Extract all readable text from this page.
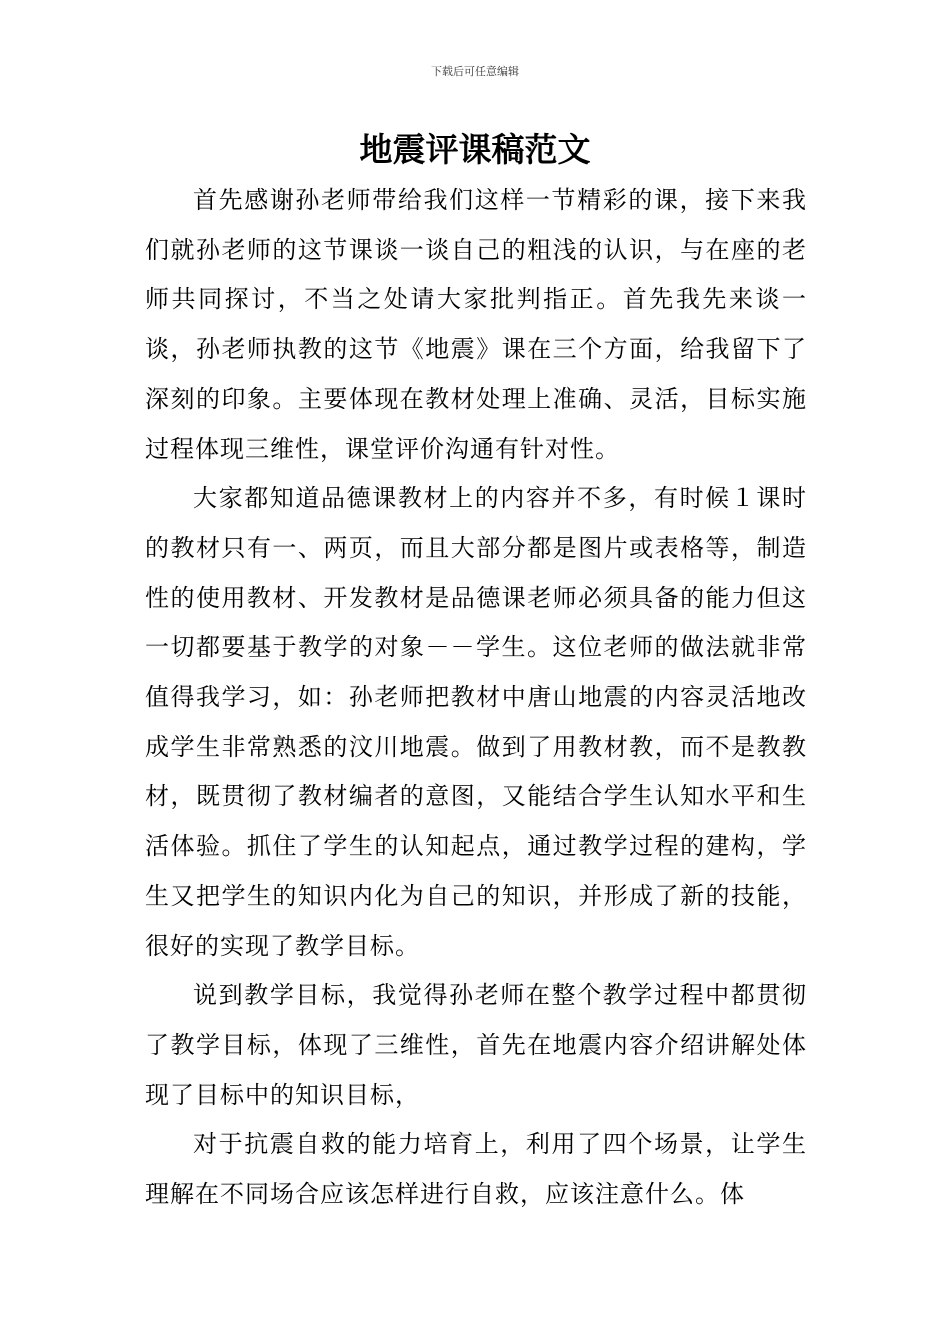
下载后可任意编辑
地震评课稿范文

首先感谢孙老师带给我们这样一节精彩的课，接下来我们就孙老师的这节课谈一谈自己的粗浅的认识，与在座的老师共同探讨，不当之处请大家批判指正。首先我先来谈一谈，孙老师执教的这节《地震》课在三个方面，给我留下了深刻的印象。主要体现在教材处理上准确、灵活，目标实施过程体现三维性，课堂评价沟通有针对性。

大家都知道品德课教材上的内容并不多，有时候１课时的教材只有一、两页，而且大部分都是图片或表格等，制造性的使用教材、开发教材是品德课老师必须具备的能力但这一切都要基于教学的对象－－学生。这位老师的做法就非常值得我学习，如：孙老师把教材中唐山地震的内容灵活地改成学生非常熟悉的汶川地震。做到了用教材教，而不是教教材，既贯彻了教材编者的意图，又能结合学生认知水平和生活体验。抓住了学生的认知起点，通过教学过程的建构，学生又把学生的知识内化为自己的知识，并形成了新的技能，很好的实现了教学目标。

说到教学目标，我觉得孙老师在整个教学过程中都贯彻了教学目标，体现了三维性，首先在地震内容介绍讲解处体现了目标中的知识目标，

对于抗震自救的能力培育上，利用了四个场景，让学生理解在不同场合应该怎样进行自救，应该注意什么。体
